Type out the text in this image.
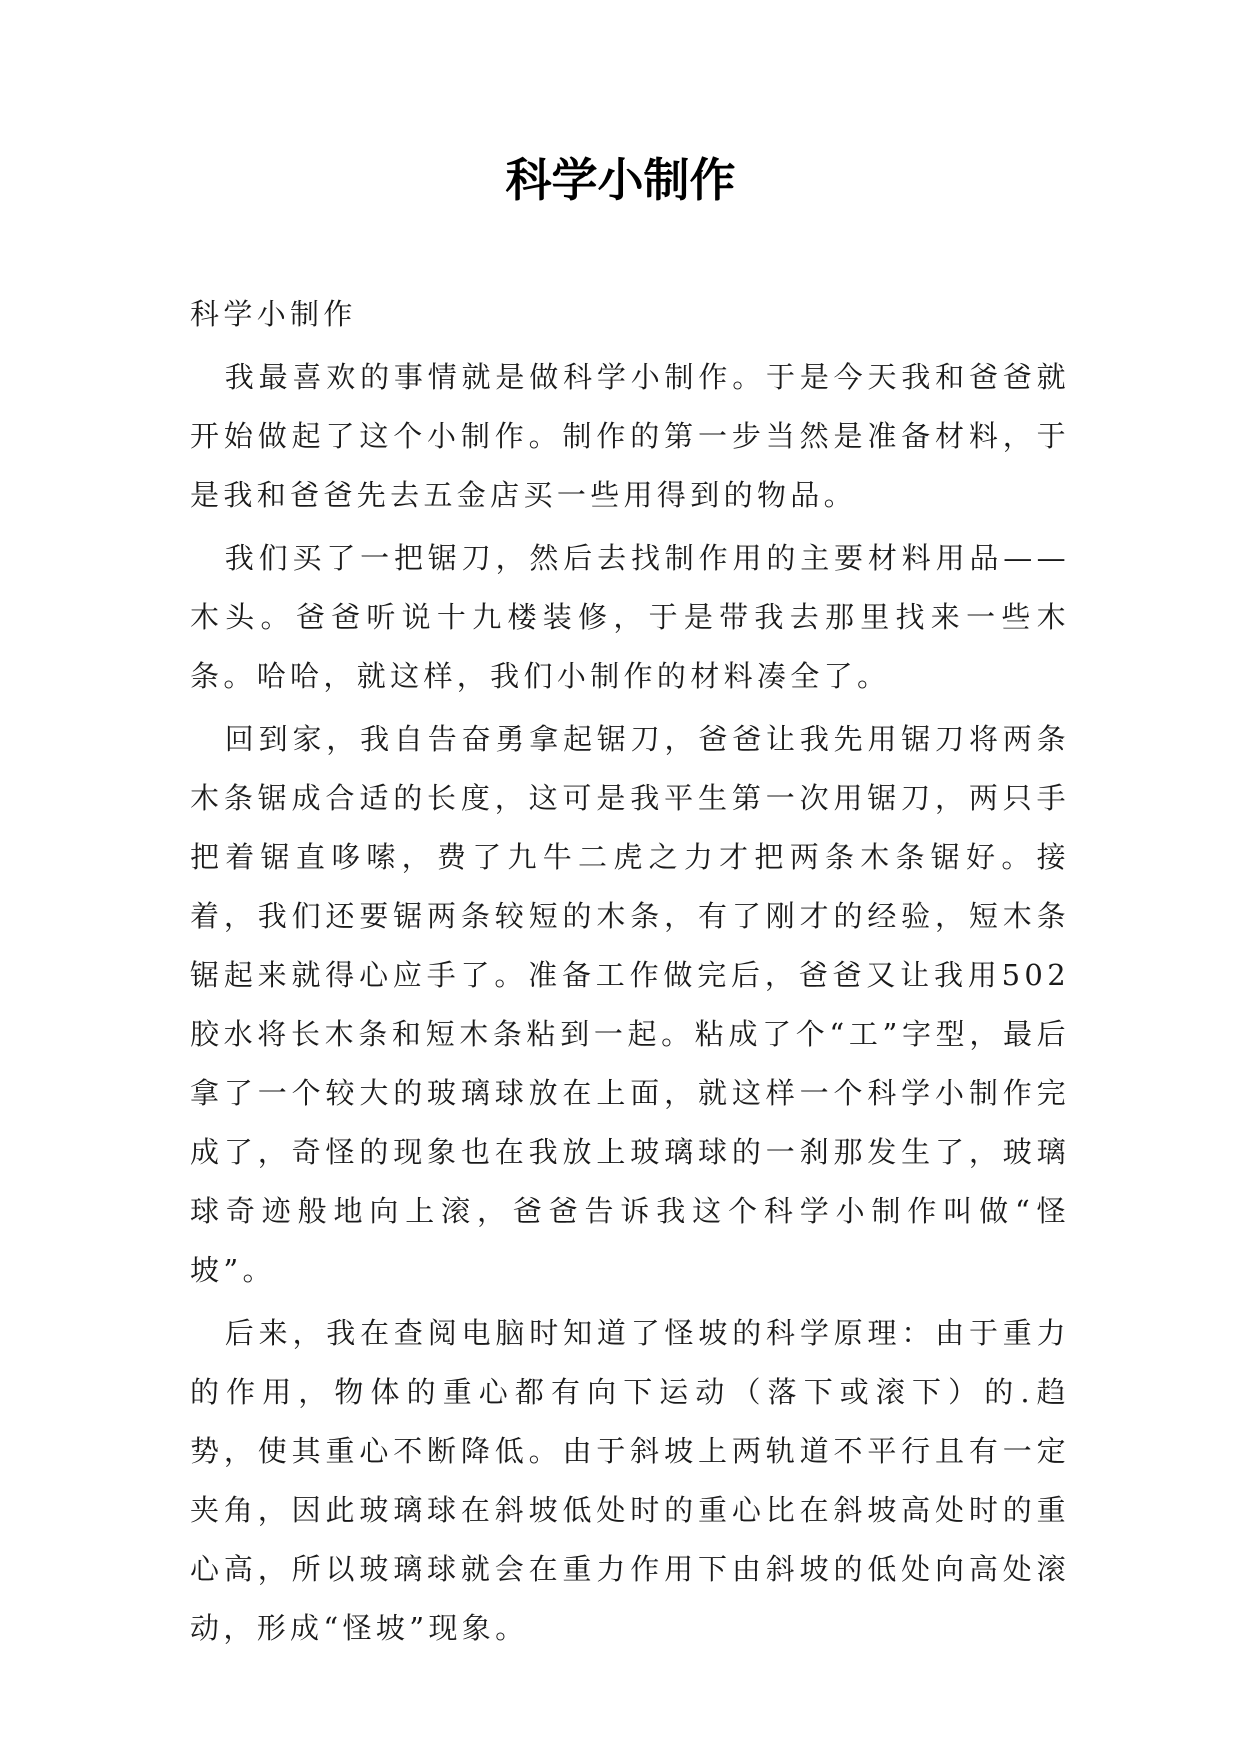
科学小制作

科学小制作

我最喜欢的事情就是做科学小制作。于是今天我和爸爸就开始做起了这个小制作。制作的第一步当然是准备材料，于是我和爸爸先去五金店买一些用得到的物品。

我们买了一把锯刀，然后去找制作用的主要材料用品——木头。爸爸听说十九楼装修，于是带我去那里找来一些木条。哈哈，就这样，我们小制作的材料凑全了。

回到家，我自告奋勇拿起锯刀，爸爸让我先用锯刀将两条木条锯成合适的长度，这可是我平生第一次用锯刀，两只手把着锯直哆嗦，费了九牛二虎之力才把两条木条锯好。接着，我们还要锯两条较短的木条，有了刚才的经验，短木条锯起来就得心应手了。准备工作做完后，爸爸又让我用502胶水将长木条和短木条粘到一起。粘成了个“工”字型，最后拿了一个较大的玻璃球放在上面，就这样一个科学小制作完成了，奇怪的现象也在我放上玻璃球的一刹那发生了，玻璃球奇迹般地向上滚，爸爸告诉我这个科学小制作叫做“怪坡”。

后来，我在查阅电脑时知道了怪坡的科学原理：由于重力的作用，物体的重心都有向下运动（落下或滚下）的.趋势，使其重心不断降低。由于斜坡上两轨道不平行且有一定夹角，因此玻璃球在斜坡低处时的重心比在斜坡高处时的重心高，所以玻璃球就会在重力作用下由斜坡的低处向高处滚动，形成“怪坡”现象。
